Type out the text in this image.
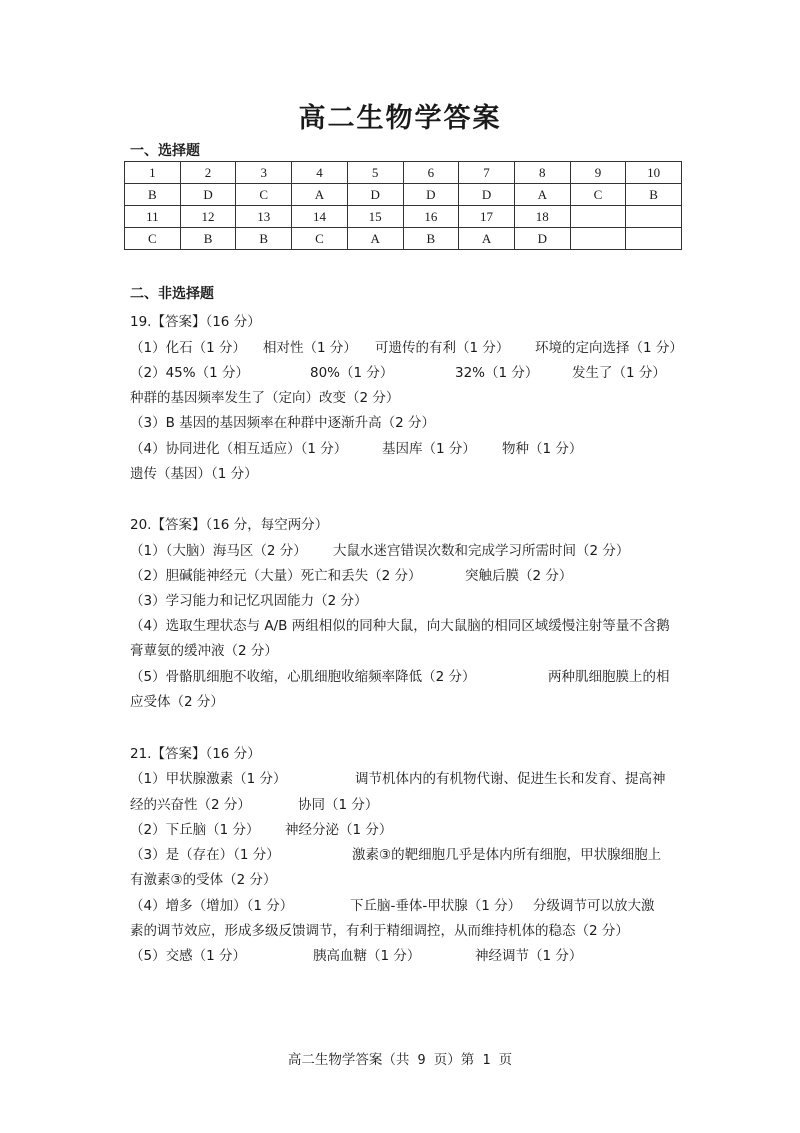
高二生物学答案
一、选择题
1	2	3	4	5	6	7	8	9	10
B	D	C	A	D	D	D	A	C	B
11	12	13	14	15	16	17	18		
C	B	B	C	A	B	A	D		
二、非选择题
19.【答案】（16 分）
（1）化石（1 分） 相对性（1 分） 可遗传的有利（1 分） 环境的定向选择（1 分）
（2）45%（1 分）	80%（1 分）	32%（1 分） 发生了（1 分）
种群的基因频率发生了（定向）改变（2 分）
（3）B 基因的基因频率在种群中逐渐升高（2 分）
（4）协同进化（相互适应）（1 分）	基因库（1 分） 物种（1 分）
遗传（基因）（1 分）
20.【答案】（16 分，每空两分）
（1）（大脑）海马区（2 分） 大鼠水迷宫错误次数和完成学习所需时间（2 分）
（2）胆碱能神经元（大量）死亡和丢失（2 分）	突触后膜（2 分）
（3）学习能力和记忆巩固能力（2 分）
（4）选取生理状态与 A/B 两组相似的同种大鼠，向大鼠脑的相同区域缓慢注射等量不含鹅
膏蕈氨的缓冲液（2 分）
（5）骨骼肌细胞不收缩，心肌细胞收缩频率降低（2 分）	两种肌细胞膜上的相
应受体（2 分）
21.【答案】（16 分）
（1）甲状腺激素（1 分）	调节机体内的有机物代谢、促进生长和发育、提高神
经的兴奋性（2 分）	协同（1 分）
（2）下丘脑（1 分） 神经分泌（1 分）
（3）是（存在）（1 分）	激素③的靶细胞几乎是体内所有细胞，甲状腺细胞上
有激素③的受体（2 分）
（4）增多（增加）（1 分）	下丘脑-垂体-甲状腺（1 分） 分级调节可以放大激
素的调节效应，形成多级反馈调节，有利于精细调控，从而维持机体的稳态（2 分）
（5）交感（1 分）	胰高血糖（1 分）	神经调节（1 分）
高二生物学答案（共 9 页）第 1 页
